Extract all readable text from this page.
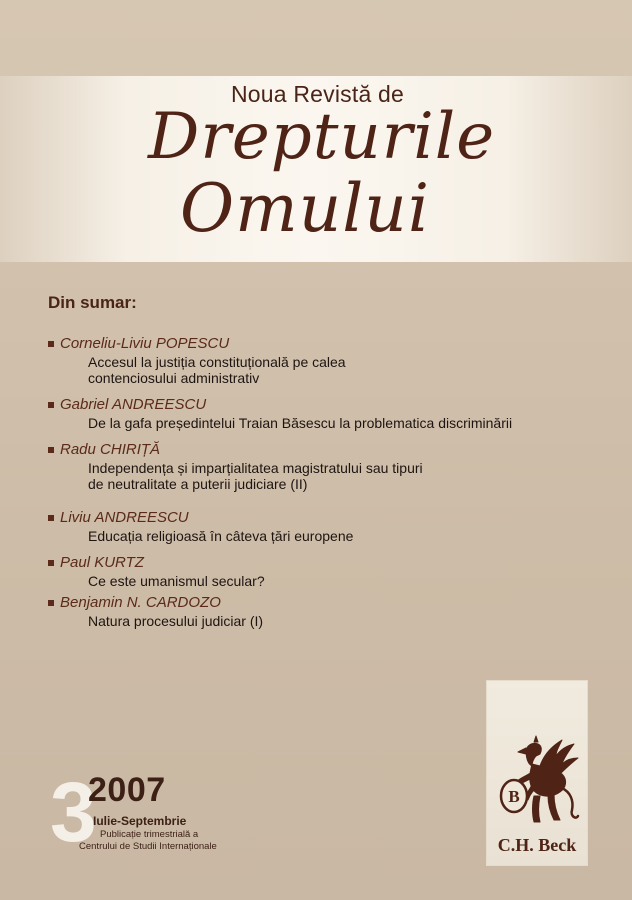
Noua Revistă de
Drepturile
Omului
Din sumar:
Corneliu-Liviu POPESCU
Accesul la justiția constituțională pe calea
contenciosului administrativ
Gabriel ANDREESCU
De la gafa președintelui Traian Băsescu la problematica discriminării
Radu CHIRIȚĂ
Independența și imparțialitatea magistratului sau tipuri
de neutralitate a puterii judiciare (II)
Liviu ANDREESCU
Educația religioasă în câteva țări europene
Paul KURTZ
Ce este umanismul secular?
Benjamin N. CARDOZO
Natura procesului judiciar (I)
3
2007
Iulie-Septembrie
Publicație trimestrială a
Centrului de Studii Internaționale
B
C.H. Beck
